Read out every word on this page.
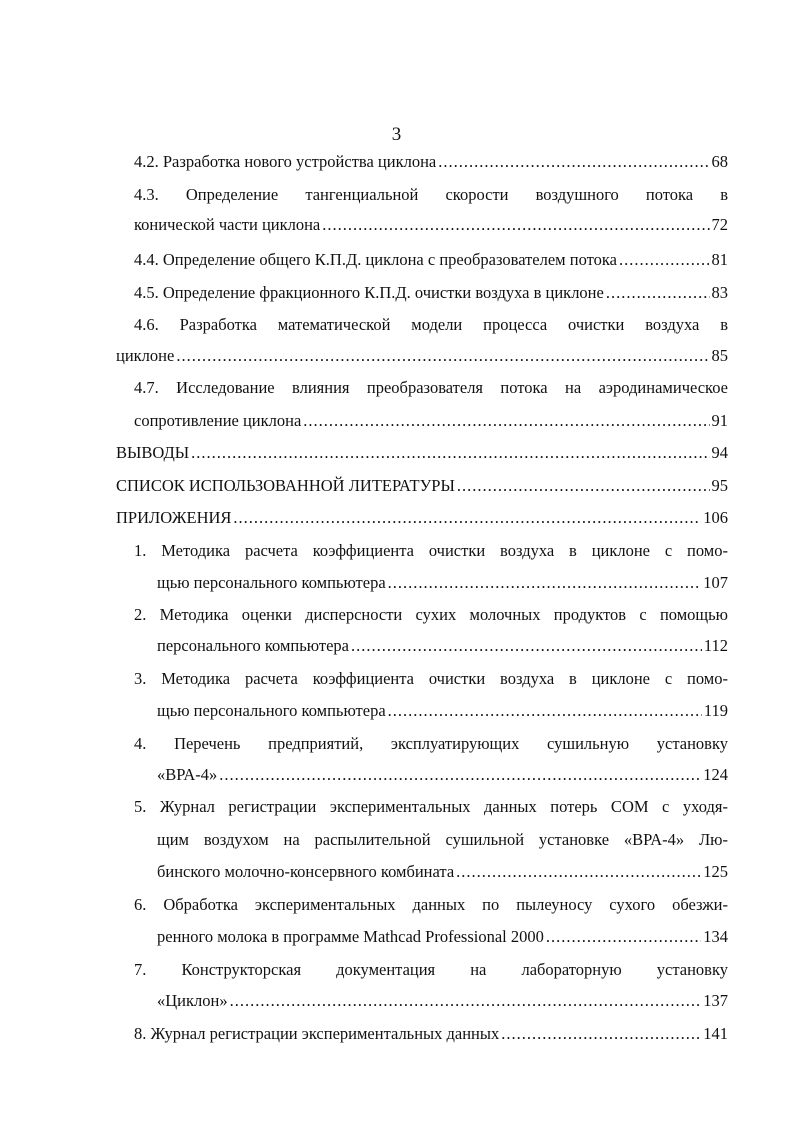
3
4.2. Разработка нового устройства циклона .....	68
4.3. Определение тангенциальной скорости воздушного потока в
конической части циклона .....	72
4.4. Определение общего К.П.Д. циклона с преобразователем потока .....	81
4.5. Определение фракционного К.П.Д. очистки воздуха в циклоне .....	83
4.6. Разработка математической модели процесса очистки воздуха в
циклоне .....	85
4.7. Исследование влияния преобразователя потока на аэродинамическое
сопротивление циклона .....	91
ВЫВОДЫ .....	94
СПИСОК ИСПОЛЬЗОВАННОЙ ЛИТЕРАТУРЫ .....	95
ПРИЛОЖЕНИЯ .....	106
1. Методика расчета коэффициента очистки воздуха в циклоне с помо-
щью персонального компьютера .....	107
2. Методика оценки дисперсности сухих молочных продуктов с помощью
персонального компьютера .....	112
3. Методика расчета коэффициента очистки воздуха в циклоне с помо-
щью персонального компьютера .....	119
4. Перечень предприятий, эксплуатирующих сушильную установку
«ВРА-4» .....	124
5. Журнал регистрации экспериментальных данных потерь СОМ с уходя-
щим воздухом на распылительной сушильной установке «ВРА-4» Лю-
бинского молочно-консервного комбината .....	125
6. Обработка экспериментальных данных по пылеуносу сухого обезжи-
ренного молока в программе Mathcad Professional 2000 .....	134
7. Конструкторская документация на лабораторную установку
«Циклон» .....	137
8. Журнал регистрации экспериментальных данных .....	141
